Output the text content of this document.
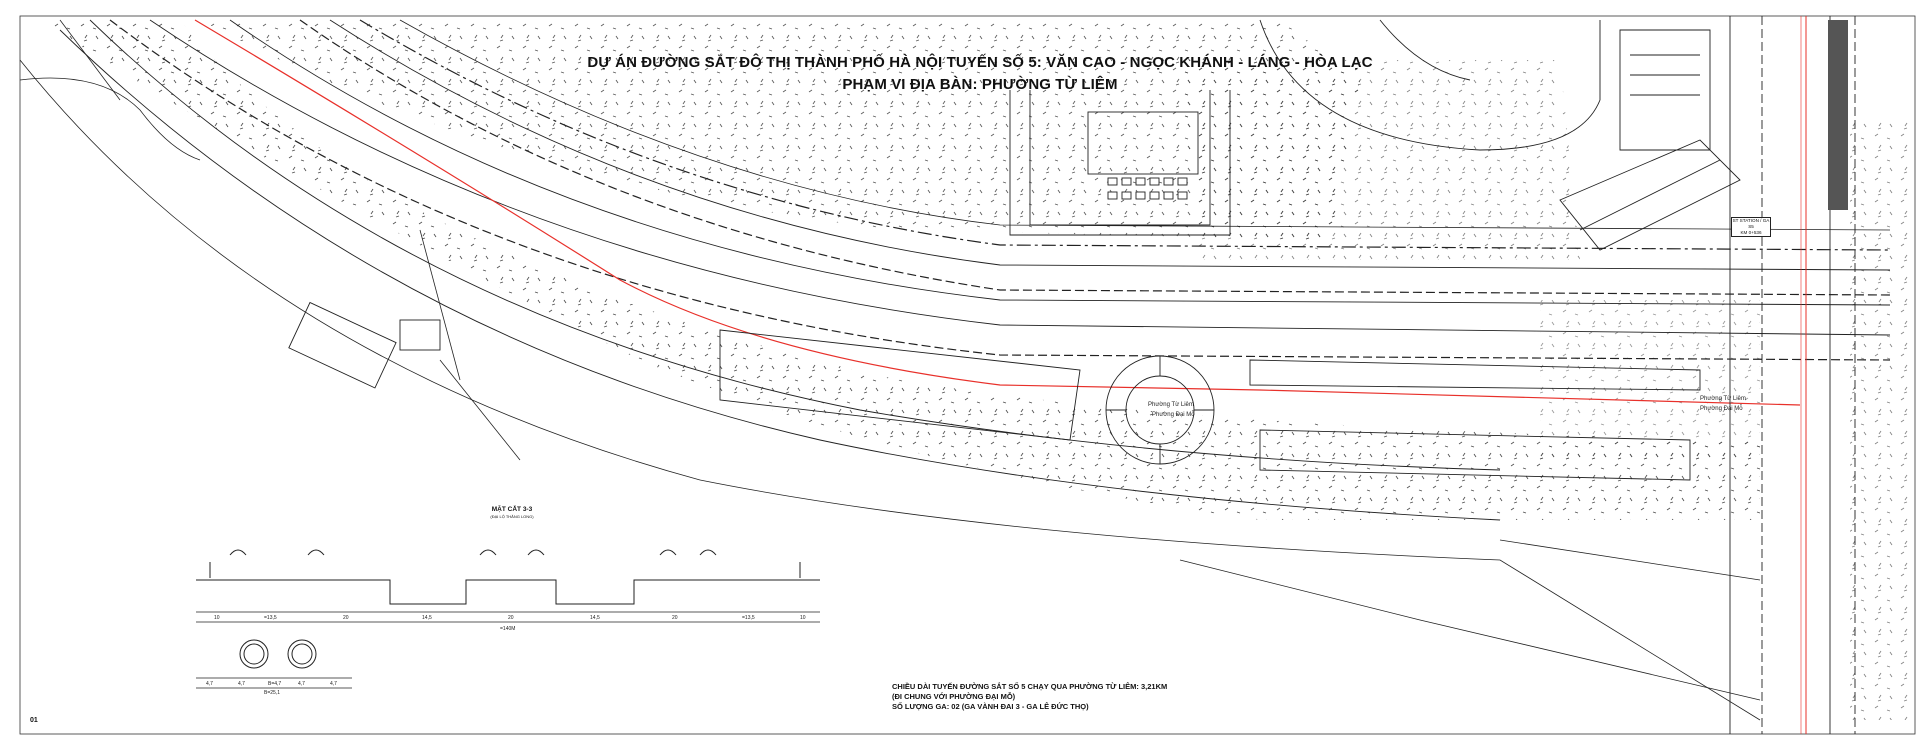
10	=13,5	20	14,5	20	14,5	20	=13,5	10
=140M
4,7	4,7	B=4,7	4,7	4,7
B=25,1
Phường Từ Liêm
Phường Đại Mỗ
Phường Từ Liêm
Phường Đại Mỗ
DỰ ÁN ĐƯỜNG SẮT ĐÔ THỊ THÀNH PHỐ HÀ NỘI TUYẾN SỐ 5: VĂN CAO - NGỌC KHÁNH - LÁNG - HÒA LẠC
PHẠM VI ĐỊA BÀN: PHƯỜNG TỪ LIÊM
ST STATION / GA S5
KM 0+536
MẶT CẮT 3-3
(ĐẠI LỘ THĂNG LONG)
CHIỀU DÀI TUYẾN ĐƯỜNG SẮT SỐ 5 CHẠY QUA PHƯỜNG TỪ LIÊM: 3,21KM
(ĐI CHUNG VỚI PHƯỜNG ĐẠI MỖ)
SỐ LƯỢNG GA: 02 (GA VÀNH ĐAI 3 - GA LÊ ĐỨC THỌ)
01
